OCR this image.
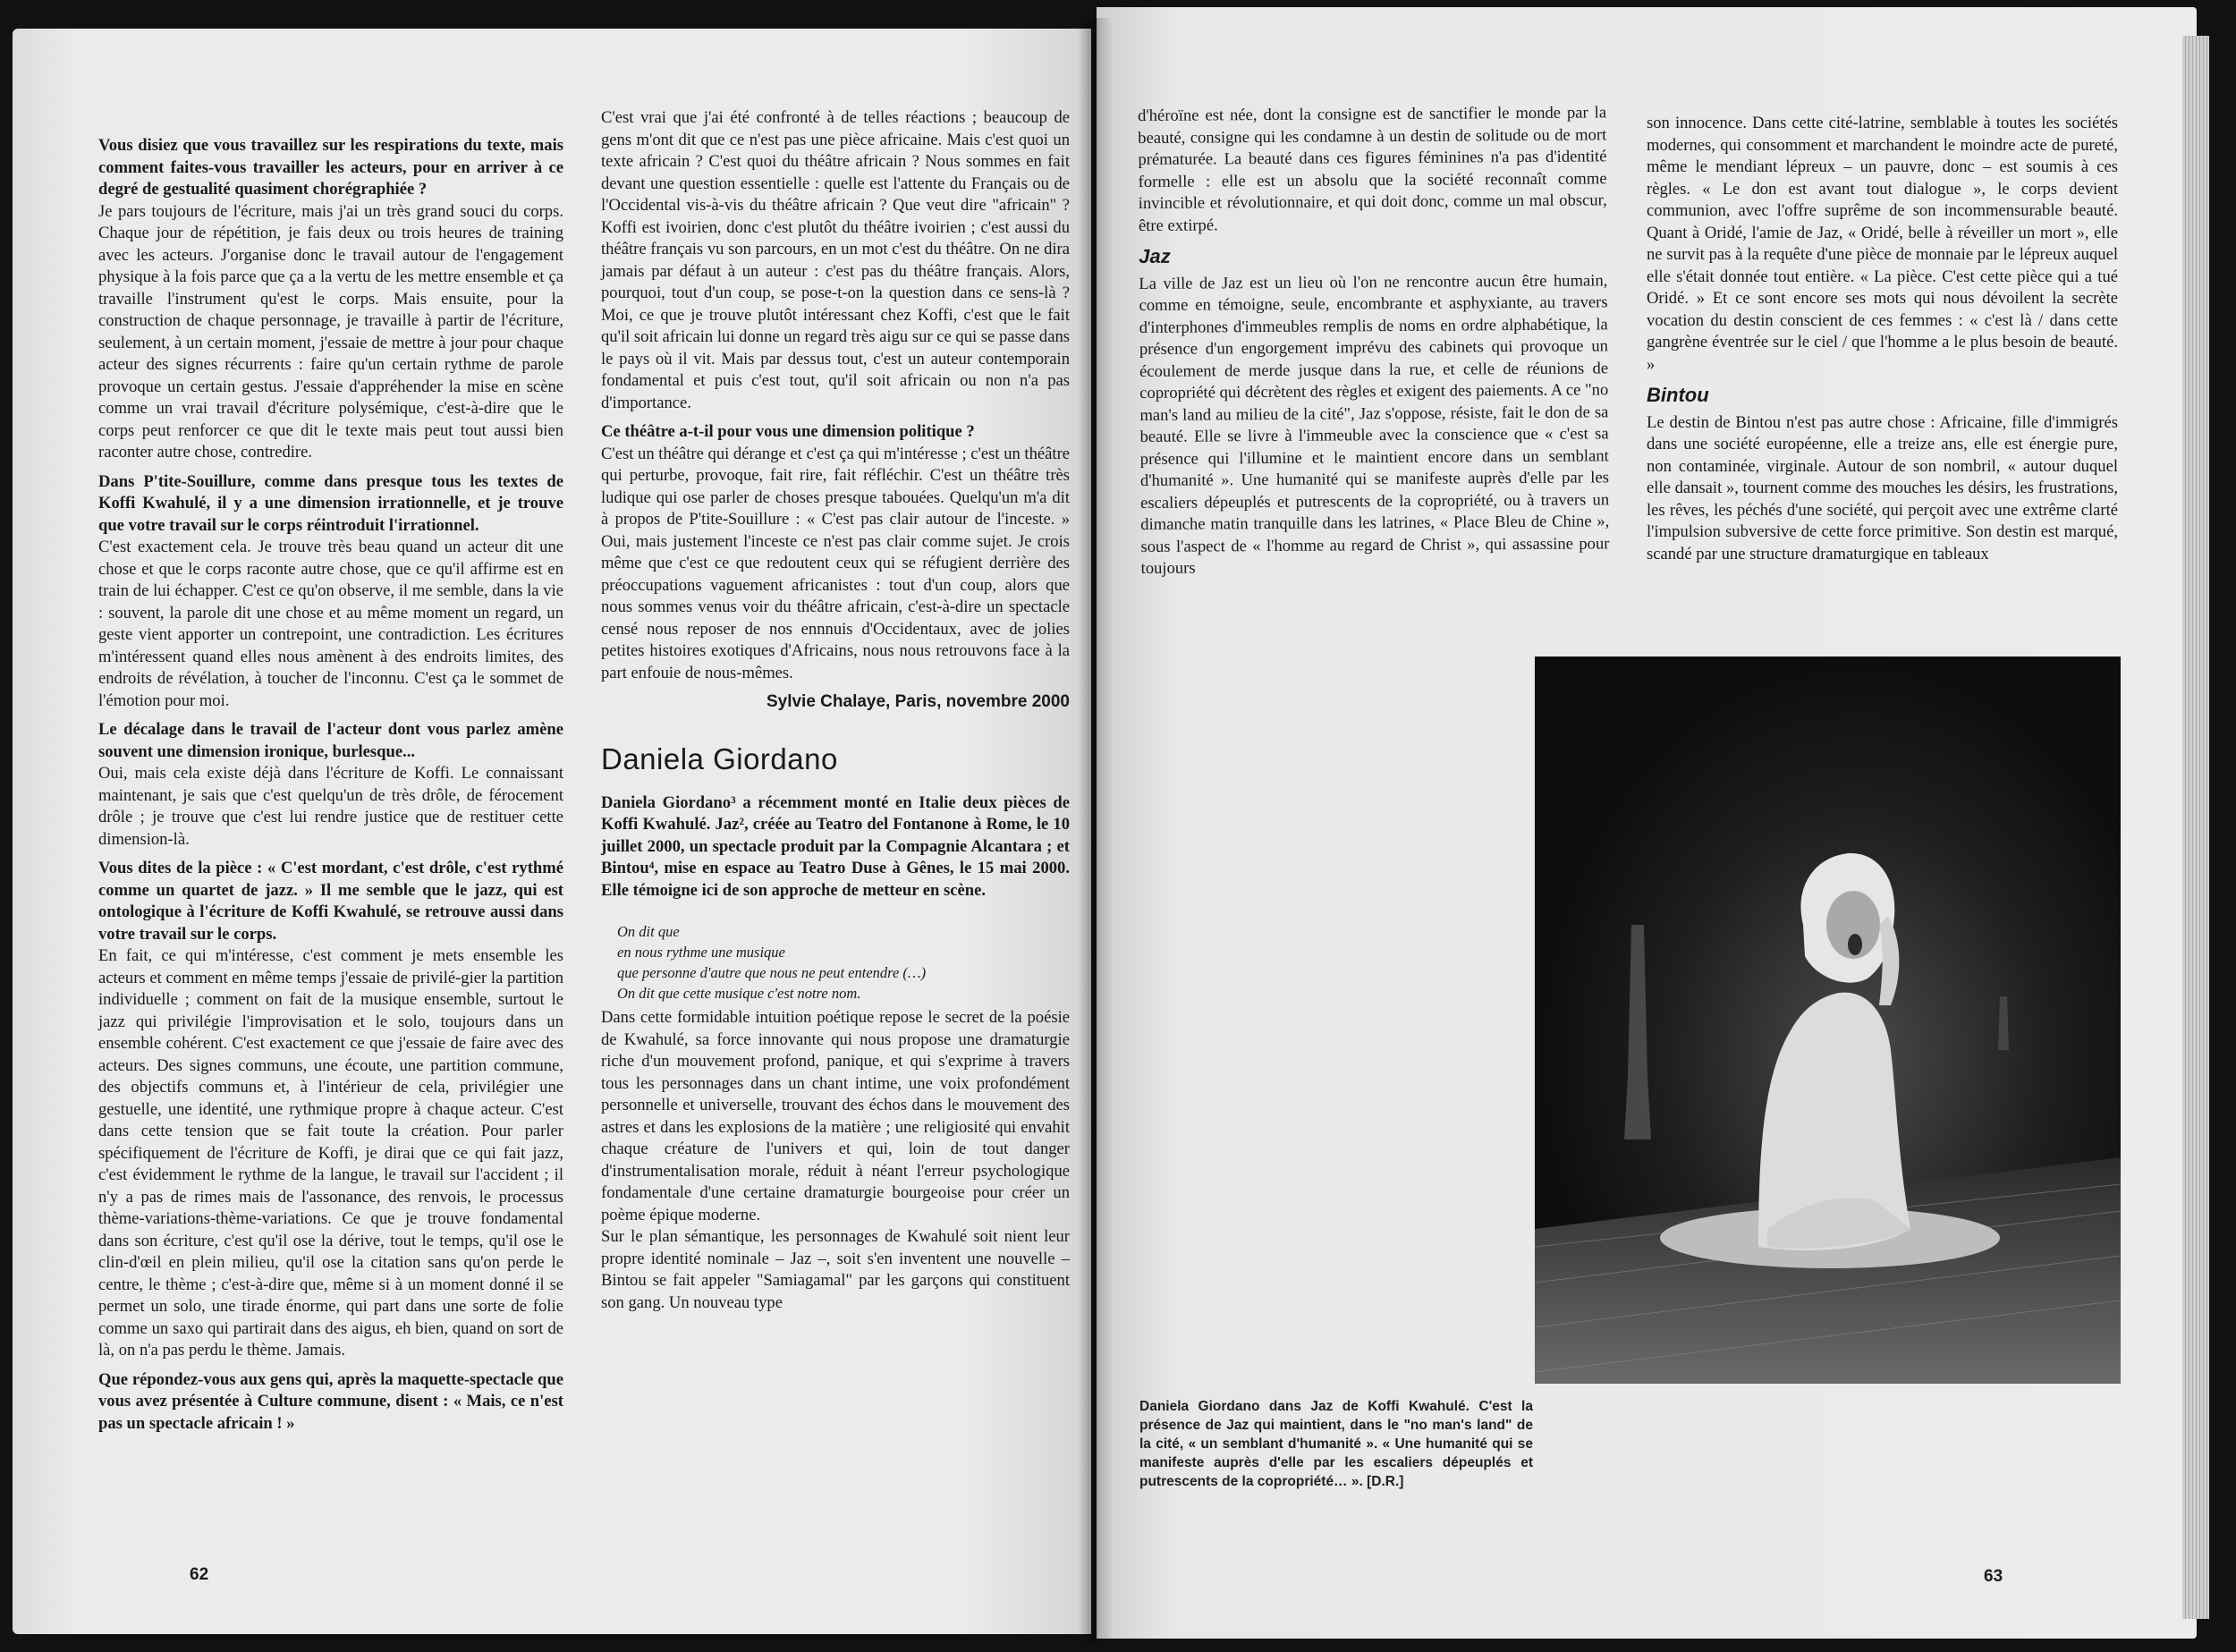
Vous disiez que vous travaillez sur les respirations du texte, mais comment faites-vous travailler les acteurs, pour en arriver à ce degré de gestualité quasiment chorégraphiée ?

Je pars toujours de l'écriture, mais j'ai un très grand souci du corps. Chaque jour de répétition, je fais deux ou trois heures de training avec les acteurs. J'organise donc le travail autour de l'engagement physique à la fois parce que ça a la vertu de les mettre ensemble et ça travaille l'instrument qu'est le corps. Mais ensuite, pour la construction de chaque personnage, je travaille à partir de l'écriture, seulement, à un certain moment, j'essaie de mettre à jour pour chaque acteur des signes récurrents : faire qu'un certain rythme de parole provoque un certain gestus. J'essaie d'appréhender la mise en scène comme un vrai travail d'écriture polysémique, c'est-à-dire que le corps peut renforcer ce que dit le texte mais peut tout aussi bien raconter autre chose, contredire.

Dans P'tite-Souillure, comme dans presque tous les textes de Koffi Kwahulé, il y a une dimension irrationnelle, et je trouve que votre travail sur le corps réintroduit l'irrationnel.

C'est exactement cela. Je trouve très beau quand un acteur dit une chose et que le corps raconte autre chose, que ce qu'il affirme est en train de lui échapper. C'est ce qu'on observe, il me semble, dans la vie : souvent, la parole dit une chose et au même moment un regard, un geste vient apporter un contrepoint, une contradiction. Les écritures m'intéressent quand elles nous amènent à des endroits limites, des endroits de révélation, à toucher de l'inconnu. C'est ça le sommet de l'émotion pour moi.

Le décalage dans le travail de l'acteur dont vous parlez amène souvent une dimension ironique, burlesque...

Oui, mais cela existe déjà dans l'écriture de Koffi. Le connaissant maintenant, je sais que c'est quelqu'un de très drôle, de férocement drôle ; je trouve que c'est lui rendre justice que de restituer cette dimension-là.

Vous dites de la pièce : « C'est mordant, c'est drôle, c'est rythmé comme un quartet de jazz. » Il me semble que le jazz, qui est ontologique à l'écriture de Koffi Kwahulé, se retrouve aussi dans votre travail sur le corps.

En fait, ce qui m'intéresse, c'est comment je mets ensemble les acteurs et comment en même temps j'essaie de privilé-gier la partition individuelle ; comment on fait de la musique ensemble, surtout le jazz qui privilégie l'improvisation et le solo, toujours dans un ensemble cohérent. C'est exactement ce que j'essaie de faire avec des acteurs. Des signes communs, une écoute, une partition commune, des objectifs communs et, à l'intérieur de cela, privilégier une gestuelle, une identité, une rythmique propre à chaque acteur. C'est dans cette tension que se fait toute la création. Pour parler spécifiquement de l'écriture de Koffi, je dirai que ce qui fait jazz, c'est évidemment le rythme de la langue, le travail sur l'accident ; il n'y a pas de rimes mais de l'assonance, des renvois, le processus thème-variations-thème-variations. Ce que je trouve fondamental dans son écriture, c'est qu'il ose la dérive, tout le temps, qu'il ose le clin-d'œil en plein milieu, qu'il ose la citation sans qu'on perde le centre, le thème ; c'est-à-dire que, même si à un moment donné il se permet un solo, une tirade énorme, qui part dans une sorte de folie comme un saxo qui partirait dans des aigus, eh bien, quand on sort de là, on n'a pas perdu le thème. Jamais.

Que répondez-vous aux gens qui, après la maquette-spectacle que vous avez présentée à Culture commune, disent : « Mais, ce n'est pas un spectacle africain ! »

C'est vrai que j'ai été confronté à de telles réactions ; beaucoup de gens m'ont dit que ce n'est pas une pièce africaine. Mais c'est quoi un texte africain ? C'est quoi du théâtre africain ? Nous sommes en fait devant une question essentielle : quelle est l'attente du Français ou de l'Occidental vis-à-vis du théâtre africain ? Que veut dire "africain" ? Koffi est ivoirien, donc c'est plutôt du théâtre ivoirien ; c'est aussi du théâtre français vu son parcours, en un mot c'est du théâtre. On ne dira jamais par défaut à un auteur : c'est pas du théâtre français. Alors, pourquoi, tout d'un coup, se pose-t-on la question dans ce sens-là ? Moi, ce que je trouve plutôt intéressant chez Koffi, c'est que le fait qu'il soit africain lui donne un regard très aigu sur ce qui se passe dans le pays où il vit. Mais par dessus tout, c'est un auteur contemporain fondamental et puis c'est tout, qu'il soit africain ou non n'a pas d'importance.

Ce théâtre a-t-il pour vous une dimension politique ?

C'est un théâtre qui dérange et c'est ça qui m'intéresse ; c'est un théâtre qui perturbe, provoque, fait rire, fait réfléchir. C'est un théâtre très ludique qui ose parler de choses presque tabouées. Quelqu'un m'a dit à propos de P'tite-Souillure : « C'est pas clair autour de l'inceste. » Oui, mais justement l'inceste ce n'est pas clair comme sujet. Je crois même que c'est ce que redoutent ceux qui se réfugient derrière des préoccupations vaguement africanistes : tout d'un coup, alors que nous sommes venus voir du théâtre africain, c'est-à-dire un spectacle censé nous reposer de nos ennnuis d'Occidentaux, avec de jolies petites histoires exotiques d'Africains, nous nous retrouvons face à la part enfouie de nous-mêmes.

Sylvie Chalaye, Paris, novembre 2000

Daniela Giordano

Daniela Giordano³ a récemment monté en Italie deux pièces de Koffi Kwahulé. Jaz², créée au Teatro del Fontanone à Rome, le 10 juillet 2000, un spectacle produit par la Compagnie Alcantara ; et Bintou⁴, mise en espace au Teatro Duse à Gênes, le 15 mai 2000. Elle témoigne ici de son approche de metteur en scène.

On dit que
en nous rythme une musique
que personne d'autre que nous ne peut entendre (…)
On dit que cette musique c'est notre nom.

Dans cette formidable intuition poétique repose le secret de la poésie de Kwahulé, sa force innovante qui nous propose une dramaturgie riche d'un mouvement profond, panique, et qui s'exprime à travers tous les personnages dans un chant intime, une voix profondément personnelle et universelle, trouvant des échos dans le mouvement des astres et dans les explosions de la matière ; une religiosité qui envahit chaque créature de l'univers et qui, loin de tout danger d'instrumentalisation morale, réduit à néant l'erreur psychologique fondamentale d'une certaine dramaturgie bourgeoise pour créer un poème épique moderne.

Sur le plan sémantique, les personnages de Kwahulé soit nient leur propre identité nominale – Jaz –, soit s'en inventent une nouvelle – Bintou se fait appeler "Samiagamal" par les garçons qui constituent son gang. Un nouveau type

62

d'héroïne est née, dont la consigne est de sanctifier le monde par la beauté, consigne qui les condamne à un destin de solitude ou de mort prématurée. La beauté dans ces figures féminines n'a pas d'identité formelle : elle est un absolu que la société reconnaît comme invincible et révolutionnaire, et qui doit donc, comme un mal obscur, être extirpé.

Jaz

La ville de Jaz est un lieu où l'on ne rencontre aucun être humain, comme en témoigne, seule, encombrante et asphyxiante, au travers d'interphones d'immeubles remplis de noms en ordre alphabétique, la présence d'un engorgement imprévu des cabinets qui provoque un écoulement de merde jusque dans la rue, et celle de réunions de copropriété qui décrètent des règles et exigent des paiements. A ce "no man's land au milieu de la cité", Jaz s'oppose, résiste, fait le don de sa beauté. Elle se livre à l'immeuble avec la conscience que « c'est sa présence qui l'illumine et le maintient encore dans un semblant d'humanité ». Une humanité qui se manifeste auprès d'elle par les escaliers dépeuplés et putrescents de la copropriété, ou à travers un dimanche matin tranquille dans les latrines, « Place Bleu de Chine », sous l'aspect de « l'homme au regard de Christ », qui assassine pour toujours

son innocence. Dans cette cité-latrine, semblable à toutes les sociétés modernes, qui consomment et marchandent le moindre acte de pureté, même le mendiant lépreux – un pauvre, donc – est soumis à ces règles. « Le don est avant tout dialogue », le corps devient communion, avec l'offre suprême de son incommensurable beauté. Quant à Oridé, l'amie de Jaz, « Oridé, belle à réveiller un mort », elle ne survit pas à la requête d'une pièce de monnaie par le lépreux auquel elle s'était donnée tout entière. « La pièce. C'est cette pièce qui a tué Oridé. » Et ce sont encore ses mots qui nous dévoilent la secrète vocation du destin conscient de ces femmes : « c'est là / dans cette gangrène éventrée sur le ciel / que l'homme a le plus besoin de beauté. »

Bintou

Le destin de Bintou n'est pas autre chose : Africaine, fille d'immigrés dans une société européenne, elle a treize ans, elle est énergie pure, non contaminée, virginale. Autour de son nombril, « autour duquel elle dansait », tournent comme des mouches les désirs, les frustrations, les rêves, les péchés d'une société, qui perçoit avec une extrême clarté l'impulsion subversive de cette force primitive. Son destin est marqué, scandé par une structure dramaturgique en tableaux

Daniela Giordano dans Jaz de Koffi Kwahulé. C'est la présence de Jaz qui maintient, dans le "no man's land" de la cité, « un semblant d'humanité ». « Une humanité qui se manifeste auprès d'elle par les escaliers dépeuplés et putrescents de la copropriété… ». [D.R.]
63
